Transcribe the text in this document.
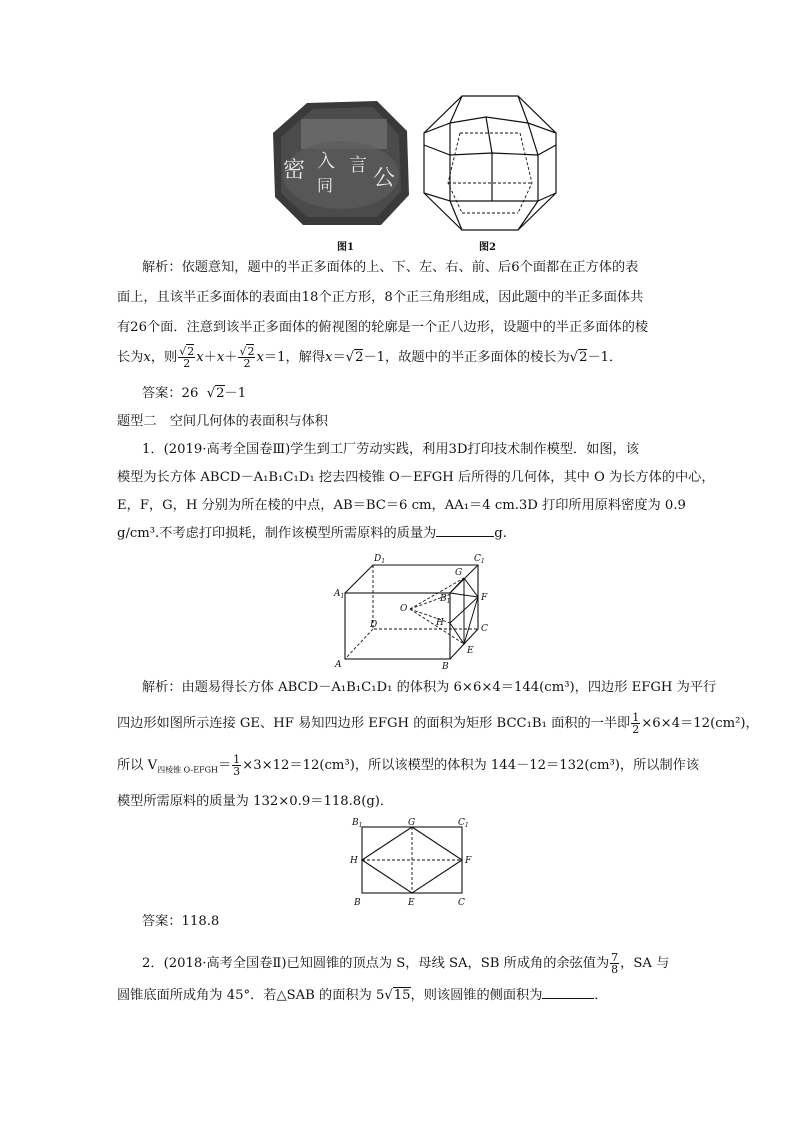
密 入
同
言
公
图1	图2
解析：依题意知，题中的半正多面体的上、下、左、右、前、后6个面都在正方体的表
面上，且该半正多面体的表面由18个正方形，8个正三角形组成，因此题中的半正多面体共
有26个面．注意到该半正多面体的俯视图的轮廓是一个正八边形，设题中的半正多面体的棱
长为x，则 $\frac{√2}{2} x+x+ \frac{√2}{2} x=1$，解得x＝√2－1，故题中的半正多面体的棱长为√2－1．
答案：26  √2－1
题型二　空间几何体的表面积与体积
1．(2019·高考全国卷Ⅲ)学生到工厂劳动实践，利用3D打印技术制作模型．如图，该
模型为长方体 ABCD－A₁B₁C₁D₁ 挖去四棱锥 O－EFGH 后所得的几何体，其中 O 为长方体的中心，
E，F，G，H 分别为所在棱的中点，AB＝BC＝6 cm，AA₁＝4 cm.3D 打印所用原料密度为 0.9
g/cm³.不考虑打印损耗，制作该模型所需原料的质量为	g.
$D_1$	$C_1$
$A_1$	$B_1$
G
F
O
D	H
C
A
E
B
解析：由题易得长方体 ABCD－A₁B₁C₁D₁ 的体积为 6×6×4＝144(cm³)，四边形 EFGH 为平行
四边形如图所示连接 GE、HF 易知四边形 EFGH 的面积为矩形 BCC₁B₁ 面积的一半即 $\frac{1}{2} \times 6\times 4=12(cm^2)$，
所以 $V_{四棱锥 O-EFGH}= \frac{1}{3} \times 3\times 12=12(cm^3)$，所以该模型的体积为 144－12＝132(cm³)，所以制作该
模型所需原料的质量为 132×0.9＝118.8(g)．
$B_1$	G	$C_1$
H	F
B	E	C
答案：118.8
2．(2018·高考全国卷Ⅱ)已知圆锥的顶点为 S，母线 SA，SB 所成角的余弦值为 $\frac{7}{8}$ ，SA 与
圆锥底面所成角为 45°．若△SAB 的面积为 5√15，则该圆锥的侧面积为	．
